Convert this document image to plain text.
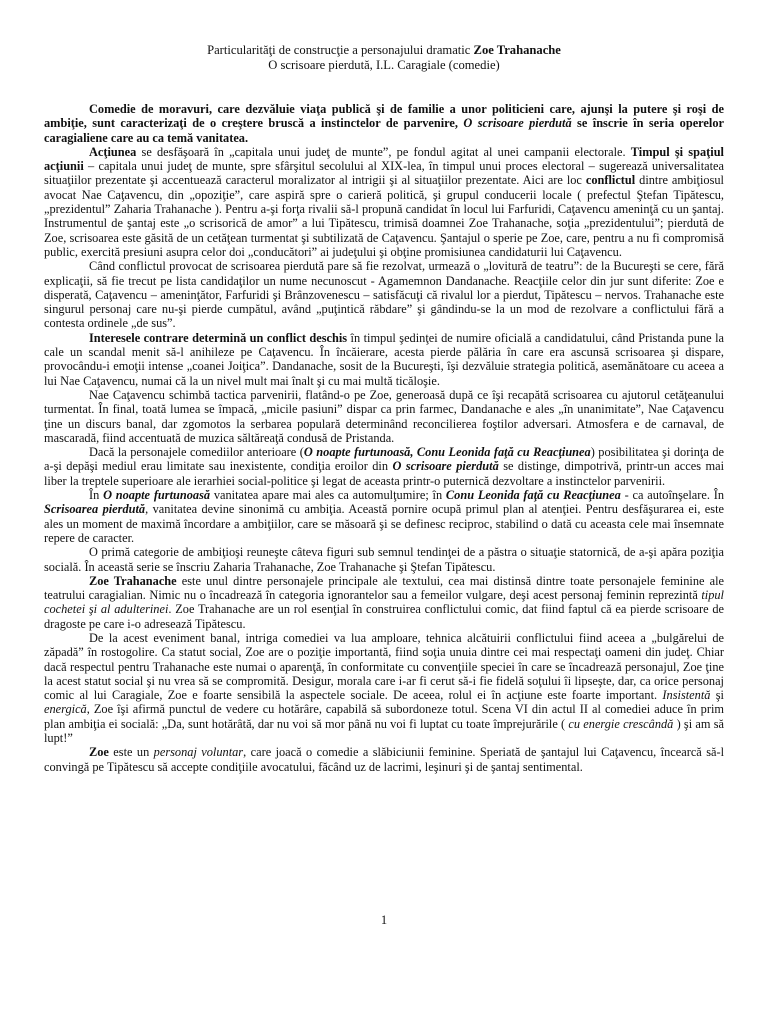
Particularităţi de construcţie a personajului dramatic Zoe Trahanache
O scrisoare pierdută, I.L. Caragiale (comedie)

Comedie de moravuri, care dezvăluie viaţa publică şi de familie a unor politicieni care, ajunşi la putere şi roşi de ambiţie, sunt caracterizaţi de o creştere bruscă a instinctelor de parvenire, O scrisoare pierdută se înscrie în seria operelor caragialiene care au ca temă vanitatea.

Acţiunea se desfăşoară în „capitala unui judeţ de munte”, pe fondul agitat al unei campanii electorale. Timpul şi spaţiul acţiunii – capitala unui judeţ de munte, spre sfârşitul secolului al XIX-lea, în timpul unui proces electoral – sugerează universalitatea situaţiilor prezentate şi accentuează caracterul moralizator al intrigii şi al situaţiilor prezentate. Aici are loc conflictul dintre ambiţiosul avocat Nae Caţavencu, din „opoziţie”, care aspiră spre o carieră politică, şi grupul conducerii locale ( prefectul Ştefan Tipătescu, „prezidentul” Zaharia Trahanache ). Pentru a-şi forţa rivalii să-l propună candidat în locul lui Farfuridi, Caţavencu ameninţă cu un şantaj. Instrumentul de şantaj este „o scrisorică de amor” a lui Tipătescu, trimisă doamnei Zoe Trahanache, soţia „prezidentului”; pierdută de Zoe, scrisoarea este găsită de un cetăţean turmentat şi subtilizată de Caţavencu. Şantajul o sperie pe Zoe, care, pentru a nu fi compromisă public, exercită presiuni asupra celor doi „conducători” ai judeţului şi obţine promisiunea candidaturii lui Caţavencu.

Când conflictul provocat de scrisoarea pierdută pare să fie rezolvat, urmează o „lovitură de teatru”: de la Bucureşti se cere, fără explicaţii, să fie trecut pe lista candidaţilor un nume necunoscut - Agamemnon Dandanache. Reacţiile celor din jur sunt diferite: Zoe e disperată, Caţavencu – ameninţător, Farfuridi şi Brânzovenescu – satisfăcuţi că rivalul lor a pierdut, Tipătescu – nervos. Trahanache este singurul personaj care nu-şi pierde cumpătul, având „puţintică răbdare” şi gândindu-se la un mod de rezolvare a conflictului fără a contesta ordinele „de sus”.

Interesele contrare determină un conflict deschis în timpul şedinţei de numire oficială a candidatului, când Pristanda pune la cale un scandal menit să-l anihileze pe Caţavencu. În încăierare, acesta pierde pălăria în care era ascunsă scrisoarea şi dispare, provocându-i emoţii intense „coanei Joiţica”. Dandanache, sosit de la Bucureşti, îşi dezvăluie strategia politică, asemănătoare cu aceea a lui Nae Caţavencu, numai că la un nivel mult mai înalt şi cu mai multă ticăloşie.

Nae Caţavencu schimbă tactica parvenirii, flatând-o pe Zoe, generoasă după ce îşi recapătă scrisoarea cu ajutorul cetăţeanului turmentat. În final, toată lumea se împacă, „micile pasiuni” dispar ca prin farmec, Dandanache e ales „în unanimitate”, Nae Caţavencu ţine un discurs banal, dar zgomotos la serbarea populară determinând reconcilierea foştilor adversari. Atmosfera e de carnaval, de mascaradă, fiind accentuată de muzica săltăreaţă condusă de Pristanda.

Dacă la personajele comediilor anterioare (O noapte furtunoasă, Conu Leonida faţă cu Reacţiunea) posibilitatea şi dorinţa de a-şi depăşi mediul erau limitate sau inexistente, condiţia eroilor din O scrisoare pierdută se distinge, dimpotrivă, printr-un acces mai liber la treptele superioare ale ierarhiei social-politice şi legat de aceasta printr-o puternică dezvoltare a instinctelor parvenirii.

În O noapte furtunoasă vanitatea apare mai ales ca automulţumire; în Conu Leonida faţă cu Reacţiunea - ca autoînşelare. În Scrisoarea pierdută, vanitatea devine sinonimă cu ambiţia. Această pornire ocupă primul plan al atenţiei. Pentru desfăşurarea ei, este ales un moment de maximă încordare a ambiţiilor, care se măsoară şi se definesc reciproc, stabilind o dată cu aceasta cele mai însemnate repere de caracter.

O primă categorie de ambiţioşi reuneşte câteva figuri sub semnul tendinţei de a păstra o situaţie statornică, de a-şi apăra poziţia socială. În această serie se înscriu Zaharia Trahanache, Zoe Trahanache şi Ştefan Tipătescu.

Zoe Trahanache este unul dintre personajele principale ale textului, cea mai distinsă dintre toate personajele feminine ale teatrului caragialian. Nimic nu o încadrează în categoria ignorantelor sau a femeilor vulgare, deşi acest personaj feminin reprezintă tipul cochetei şi al adulterinei. Zoe Trahanache are un rol esenţial în construirea conflictului comic, dat fiind faptul că ea pierde scrisoare de dragoste pe care i-o adresează Tipătescu.

De la acest eveniment banal, intriga comediei va lua amploare, tehnica alcătuirii conflictului fiind aceea a „bulgărelui de zăpadă” în rostogolire. Ca statut social, Zoe are o poziţie importantă, fiind soţia unuia dintre cei mai respectaţi oameni din judeţ. Chiar dacă respectul pentru Trahanache este numai o aparenţă, în conformitate cu convenţiile speciei în care se încadrează personajul, Zoe ţine la acest statut social şi nu vrea să se compromită. Desigur, morala care i-ar fi cerut să-i fie fidelă soţului îi lipseşte, dar, ca orice personaj comic al lui Caragiale, Zoe e foarte sensibilă la aspectele sociale. De aceea, rolul ei în acţiune este foarte important. Insistentă şi energică, Zoe îşi afirmă punctul de vedere cu hotărâre, capabilă să subordoneze totul. Scena VI din actul II al comediei aduce în prim plan ambiţia ei socială: „Da, sunt hotărâtă, dar nu voi să mor până nu voi fi luptat cu toate împrejurările ( cu energie crescândă ) şi am să lupt!”

Zoe este un personaj voluntar, care joacă o comedie a slăbiciunii feminine. Speriată de şantajul lui Caţavencu, încearcă să-l convingă pe Tipătescu să accepte condiţiile avocatului, făcând uz de lacrimi, leşinuri şi de şantaj sentimental.

1
